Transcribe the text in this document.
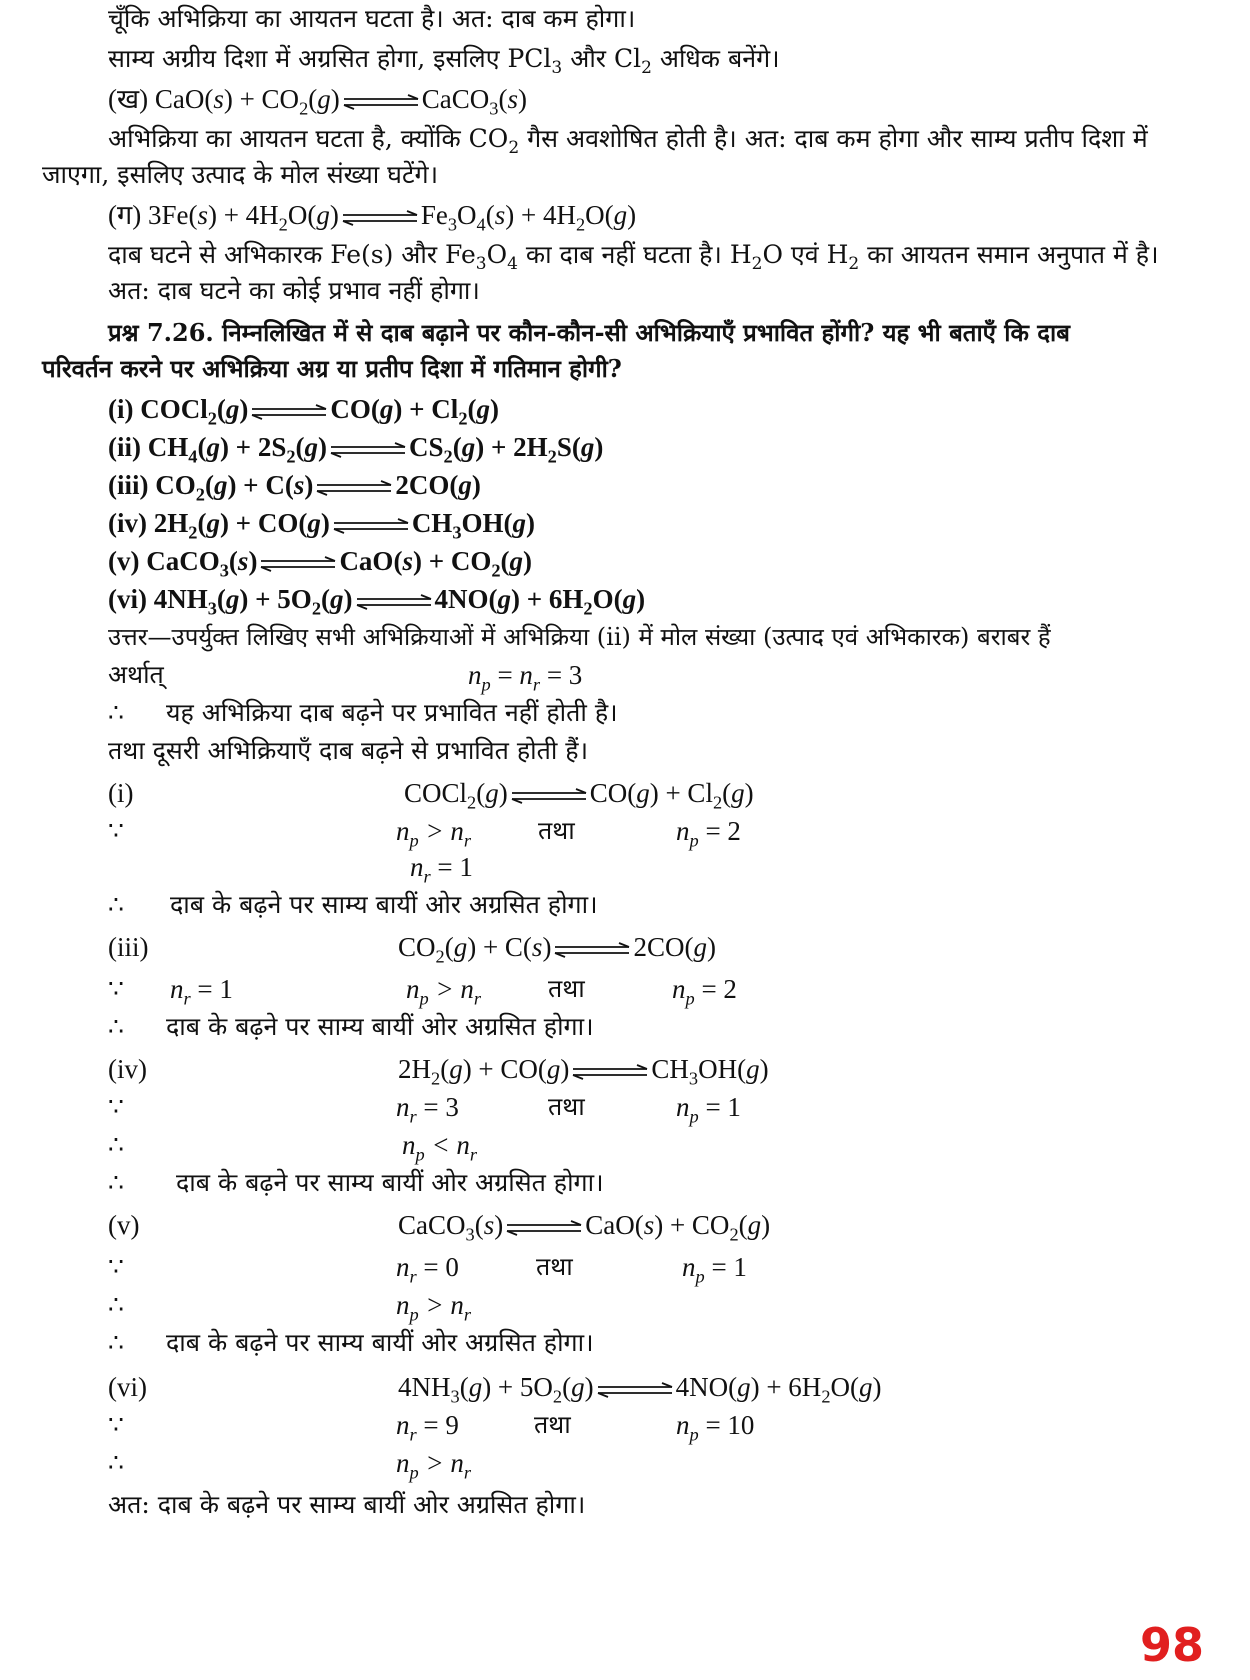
चूँकि अभिक्रिया का आयतन घटता है। अत: दाब कम होगा।
साम्य अग्रीय दिशा में अग्रसित होगा, इसलिए PCl$_3$ और $Cl_2$ अधिक बनेंगे।
(ख) $CaO(s) + CO_2(g)$	CaCO$_3$(s)
अभिक्रिया का आयतन घटता है, क्योंकि $CO_2$ गैस अवशोषित होती है। अत: दाब कम होगा और साम्य प्रतीप दिशा में
जाएगा, इसलिए उत्पाद के मोल संख्या घटेंगे।
(ग) $3Fe(s) + 4H_2O(g)$	$Fe_3O_4(s) + 4H_2O(g)$
दाब घटने से अभिकारक Fe(s) और $Fe_3O_4$ का दाब नहीं घटता है। $H_2O$ एवं $H_2$ का आयतन समान अनुपात में है।
अत: दाब घटने का कोई प्रभाव नहीं होगा।
प्रश्न 7.26. निम्नलिखित में से दाब बढ़ाने पर कौन-कौन-सी अभिक्रियाएँ प्रभावित होंगी? यह भी बताएँ कि दाब
परिवर्तन करने पर अभिक्रिया अग्र या प्रतीप दिशा में गतिमान होगी?
(i) COCl$_2$(g)	$CO(g) + Cl_2(g)$
(ii) $CH_4(g) + 2S_2(g)$	$CS_2(g) + 2H_2S(g)$
(iii) $CO_2(g) + C(s)$	2CO(g)
(iv) $2H_2(g) + CO(g)$	$CH_3OH(g)$
(v) CaCO$_3$(s)	$CaO(s) + CO_2(g)$
(vi) $4NH_3(g) + 5O_2(g)$	$4NO(g) + 6H_2O(g)$
उत्तर—उपर्युक्त लिखिए सभी अभिक्रियाओं में अभिक्रिया (ii) में मोल संख्या (उत्पाद एवं अभिकारक) बराबर हैं
अर्थात्	$n_p = n_r = 3$
∴ यह अभिक्रिया दाब बढ़ने पर प्रभावित नहीं होती है।
तथा दूसरी अभिक्रियाएँ दाब बढ़ने से प्रभावित होती हैं।
(i)	COCl$_2$(g)	$CO(g) + Cl_2(g)$
∵	$n_p > n_r$	तथा	$n_p = 2$
$n_r = 1$
∴ दाब के बढ़ने पर साम्य बायीं ओर अग्रसित होगा।
(iii)	$CO_2(g) + C(s)$	2CO(g)
∵ $n_r = 1$	$n_p > n_r$	तथा	$n_p = 2$
∴ दाब के बढ़ने पर साम्य बायीं ओर अग्रसित होगा।
(iv)	$2H_2(g) + CO(g)$	$CH_3OH(g)$
∵	$n_r = 3$	तथा	$n_p = 1$
∴	$n_p < n_r$
∴ दाब के बढ़ने पर साम्य बायीं ओर अग्रसित होगा।
(v)	CaCO$_3$(s)	$CaO(s) + CO_2(g)$
∵	$n_r = 0$	तथा	$n_p = 1$
∴	$n_p > n_r$
∴ दाब के बढ़ने पर साम्य बायीं ओर अग्रसित होगा।
(vi)	$4NH_3(g) + 5O_2(g)$	$4NO(g) + 6H_2O(g)$
∵	$n_r = 9$	तथा	$n_p = 10$
∴	$n_p > n_r$
अत: दाब के बढ़ने पर साम्य बायीं ओर अग्रसित होगा।
98
